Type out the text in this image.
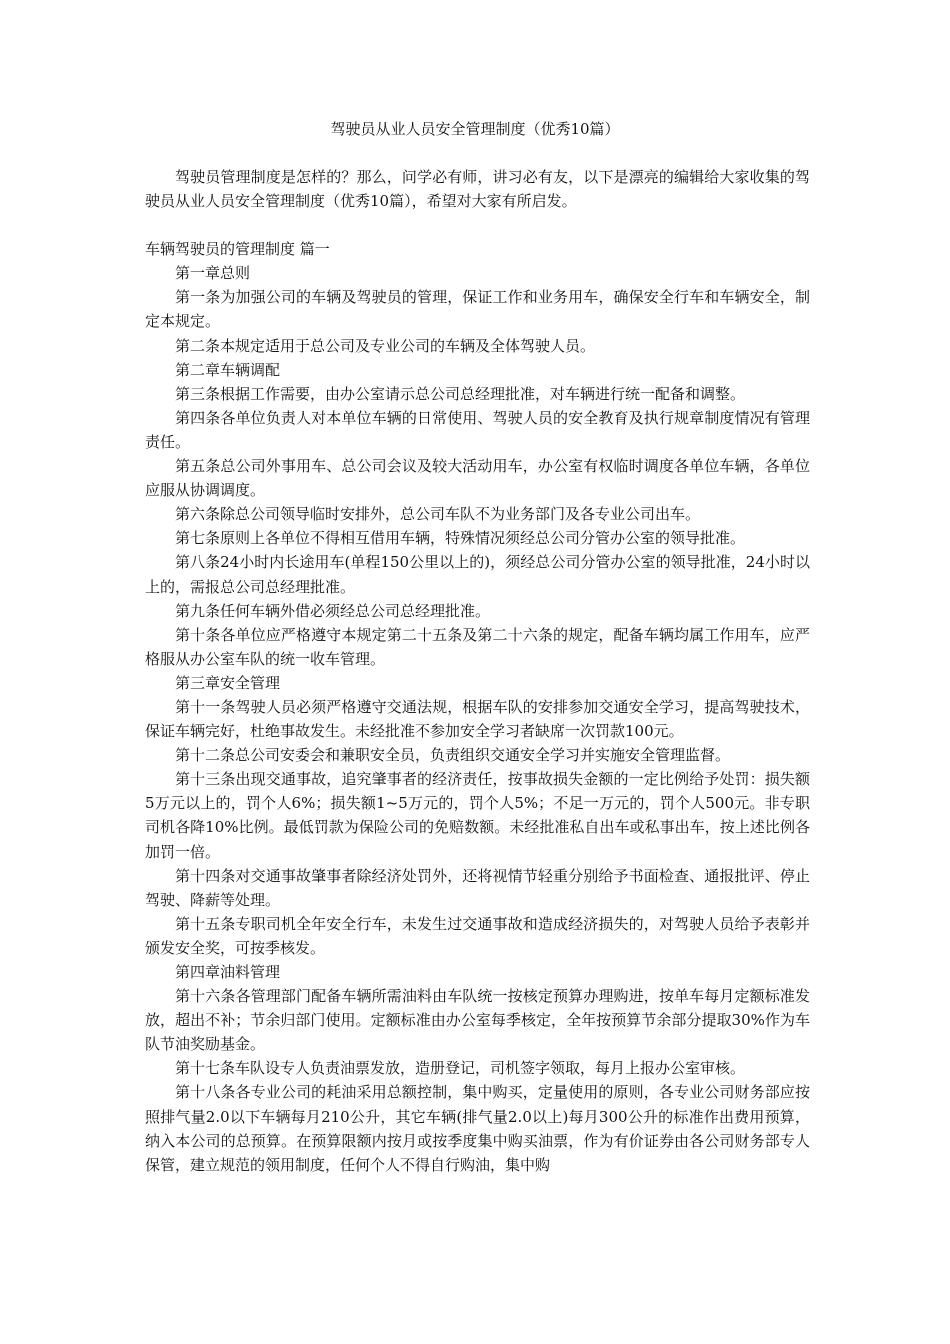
驾驶员从业人员安全管理制度（优秀10篇）

驾驶员管理制度是怎样的？那么，问学必有师，讲习必有友，以下是漂亮的编辑给大家收集的驾驶员从业人员安全管理制度（优秀10篇），希望对大家有所启发。

车辆驾驶员的管理制度 篇一

第一章总则

第一条为加强公司的车辆及驾驶员的管理，保证工作和业务用车，确保安全行车和车辆安全，制定本规定。

第二条本规定适用于总公司及专业公司的车辆及全体驾驶人员。

第二章车辆调配

第三条根据工作需要，由办公室请示总公司总经理批准，对车辆进行统一配备和调整。

第四条各单位负责人对本单位车辆的日常使用、驾驶人员的安全教育及执行规章制度情况有管理责任。

第五条总公司外事用车、总公司会议及较大活动用车，办公室有权临时调度各单位车辆，各单位应服从协调调度。

第六条除总公司领导临时安排外，总公司车队不为业务部门及各专业公司出车。

第七条原则上各单位不得相互借用车辆，特殊情况须经总公司分管办公室的领导批准。

第八条24小时内长途用车(单程150公里以上的)，须经总公司分管办公室的领导批准，24小时以上的，需报总公司总经理批准。

第九条任何车辆外借必须经总公司总经理批准。

第十条各单位应严格遵守本规定第二十五条及第二十六条的规定，配备车辆均属工作用车，应严格服从办公室车队的统一收车管理。

第三章安全管理

第十一条驾驶人员必须严格遵守交通法规，根据车队的安排参加交通安全学习，提高驾驶技术，保证车辆完好，杜绝事故发生。未经批准不参加安全学习者缺席一次罚款100元。

第十二条总公司安委会和兼职安全员，负责组织交通安全学习并实施安全管理监督。

第十三条出现交通事故，追究肇事者的经济责任，按事故损失金额的一定比例给予处罚：损失额5万元以上的，罚个人6%；损失额1~5万元的，罚个人5%；不足一万元的，罚个人500元。非专职司机各降10%比例。最低罚款为保险公司的免赔数额。未经批准私自出车或私事出车，按上述比例各加罚一倍。

第十四条对交通事故肇事者除经济处罚外，还将视情节轻重分别给予书面检查、通报批评、停止驾驶、降薪等处理。

第十五条专职司机全年安全行车，未发生过交通事故和造成经济损失的，对驾驶人员给予表彰并颁发安全奖，可按季核发。

第四章油料管理

第十六条各管理部门配备车辆所需油料由车队统一按核定预算办理购进，按单车每月定额标准发放，超出不补；节余归部门使用。定额标准由办公室每季核定，全年按预算节余部分提取30%作为车队节油奖励基金。

第十七条车队设专人负责油票发放，造册登记，司机签字领取，每月上报办公室审核。

第十八条各专业公司的耗油采用总额控制，集中购买，定量使用的原则，各专业公司财务部应按照排气量2.0以下车辆每月210公升，其它车辆(排气量2.0以上)每月300公升的标准作出费用预算，纳入本公司的总预算。在预算限额内按月或按季度集中购买油票，作为有价证券由各公司财务部专人保管，建立规范的领用制度，任何个人不得自行购油，集中购
